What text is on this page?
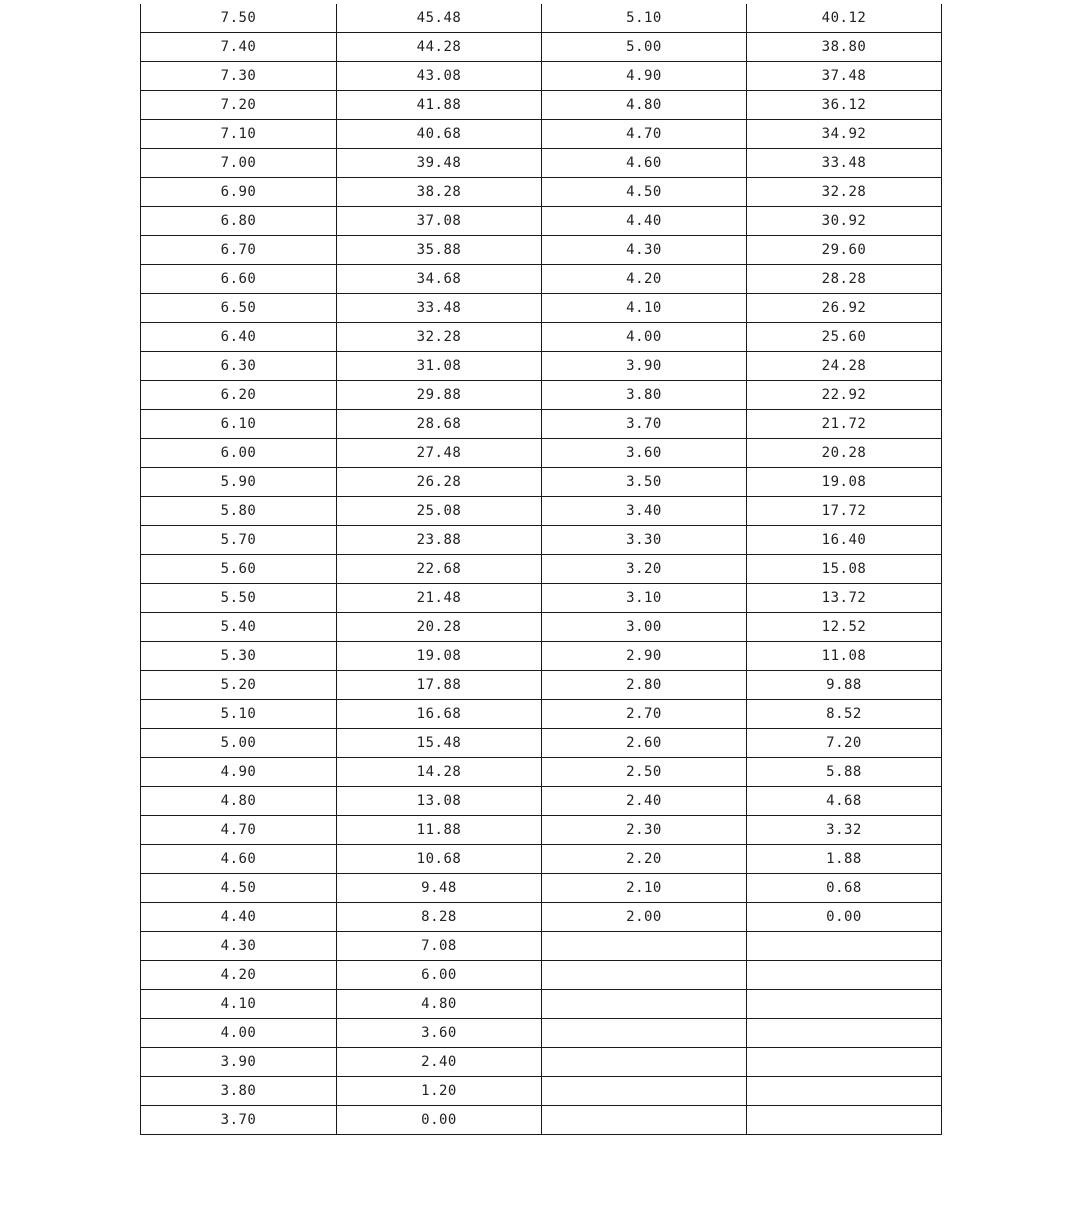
7.50	45.48	5.10	40.12
7.40	44.28	5.00	38.80
7.30	43.08	4.90	37.48
7.20	41.88	4.80	36.12
7.10	40.68	4.70	34.92
7.00	39.48	4.60	33.48
6.90	38.28	4.50	32.28
6.80	37.08	4.40	30.92
6.70	35.88	4.30	29.60
6.60	34.68	4.20	28.28
6.50	33.48	4.10	26.92
6.40	32.28	4.00	25.60
6.30	31.08	3.90	24.28
6.20	29.88	3.80	22.92
6.10	28.68	3.70	21.72
6.00	27.48	3.60	20.28
5.90	26.28	3.50	19.08
5.80	25.08	3.40	17.72
5.70	23.88	3.30	16.40
5.60	22.68	3.20	15.08
5.50	21.48	3.10	13.72
5.40	20.28	3.00	12.52
5.30	19.08	2.90	11.08
5.20	17.88	2.80	9.88
5.10	16.68	2.70	8.52
5.00	15.48	2.60	7.20
4.90	14.28	2.50	5.88
4.80	13.08	2.40	4.68
4.70	11.88	2.30	3.32
4.60	10.68	2.20	1.88
4.50	9.48	2.10	0.68
4.40	8.28	2.00	0.00
4.30	7.08		
4.20	6.00		
4.10	4.80		
4.00	3.60		
3.90	2.40		
3.80	1.20		
3.70	0.00		
